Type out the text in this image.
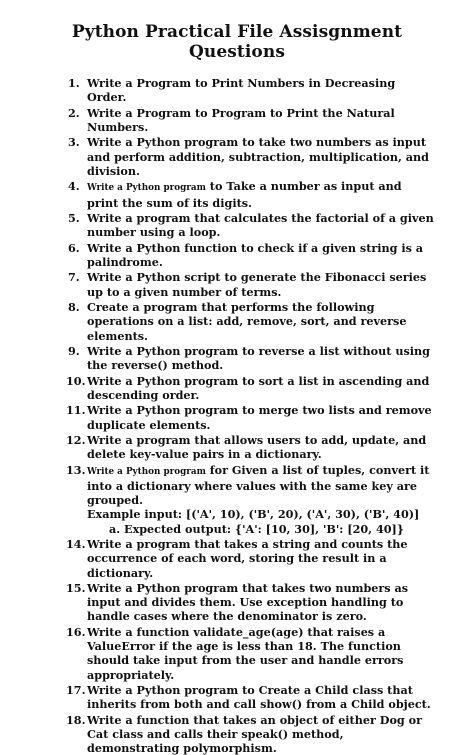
Python Practical File Assisgnment Questions
1. Write a Program to Print Numbers in Decreasing Order.
2. Write a Program to Program to Print the Natural Numbers.
3. Write a Python program to take two numbers as input and perform addition, subtraction, multiplication, and division.
4. Write a Python program to Take a number as input and print the sum of its digits.
5. Write a program that calculates the factorial of a given number using a loop.
6. Write a Python function to check if a given string is a palindrome.
7. Write a Python script to generate the Fibonacci series up to a given number of terms.
8. Create a program that performs the following operations on a list: add, remove, sort, and reverse elements.
9. Write a Python program to reverse a list without using the reverse() method.
10. Write a Python program to sort a list in ascending and descending order.
11. Write a Python program to merge two lists and remove duplicate elements.
12. Write a program that allows users to add, update, and delete key-value pairs in a dictionary.
13. Write a Python program for Given a list of tuples, convert it into a dictionary where values with the same key are grouped.
Example input: [('A', 10), ('B', 20), ('A', 30), ('B', 40)]
a. Expected output: {'A': [10, 30], 'B': [20, 40]}
14. Write a program that takes a string and counts the occurrence of each word, storing the result in a dictionary.
15. Write a Python program that takes two numbers as input and divides them. Use exception handling to handle cases where the denominator is zero.
16. Write a function validate_age(age) that raises a ValueError if the age is less than 18. The function should take input from the user and handle errors appropriately.
17. Write a Python program to Create a Child class that inherits from both and call show() from a Child object.
18. Write a function that takes an object of either Dog or Cat class and calls their speak() method, demonstrating polymorphism.
